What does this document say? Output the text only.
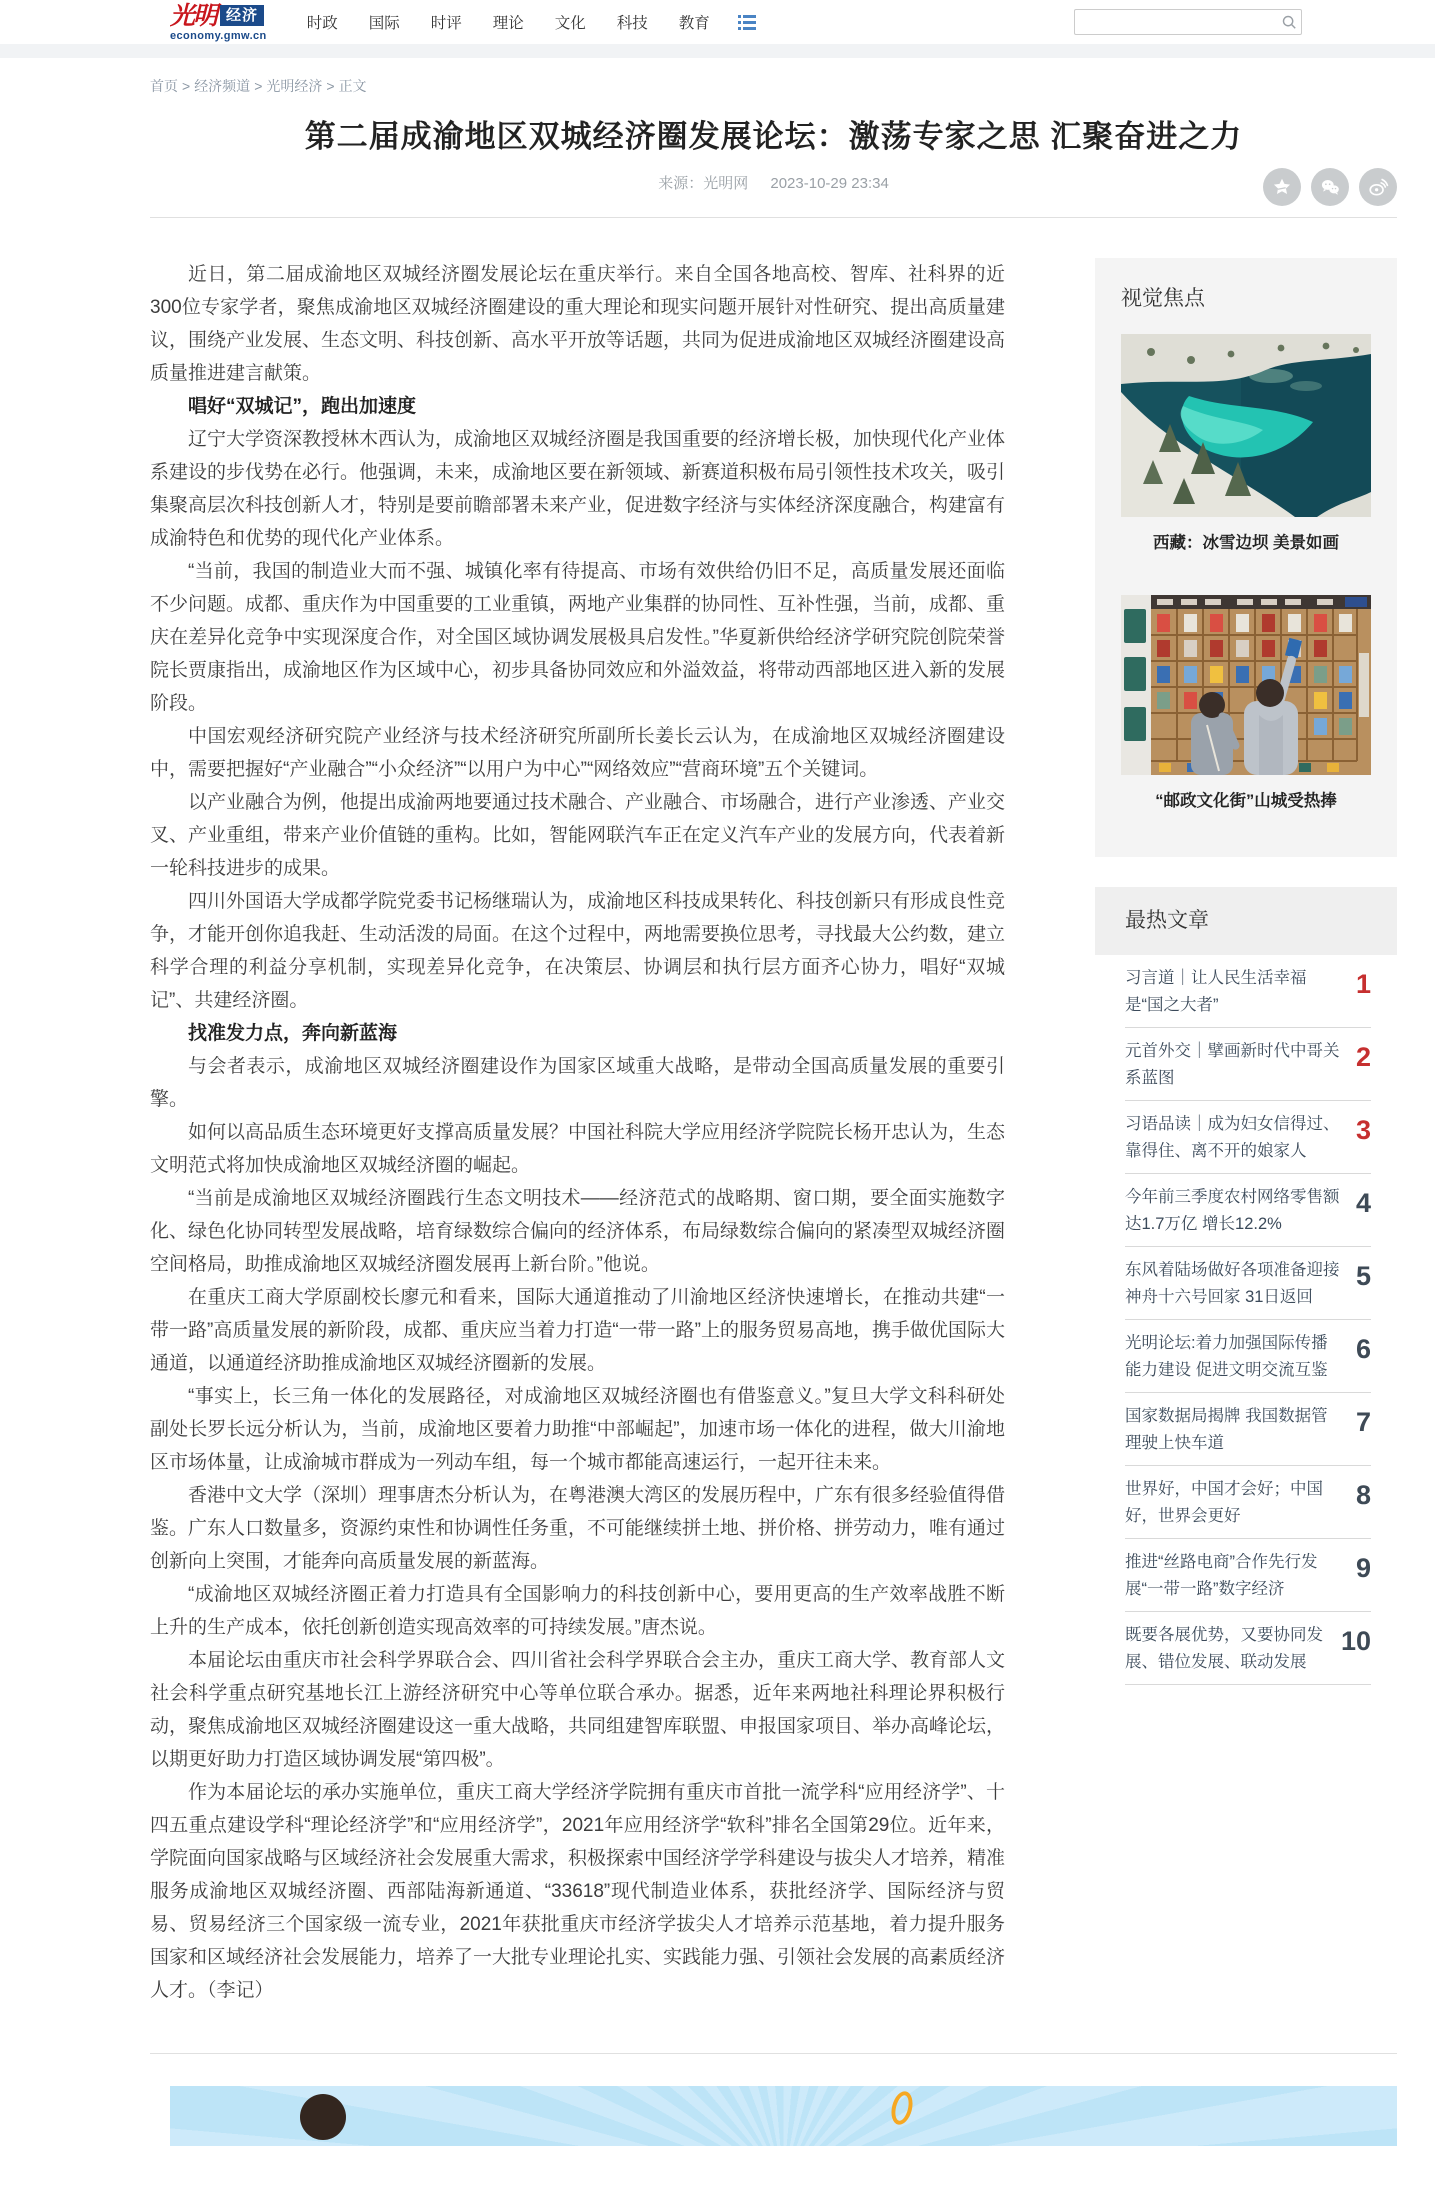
光明 经济
economy.gmw.cn
时政 国际 时评 理论 文化 科技 教育
首页 > 经济频道 > 光明经济 > 正文
第二届成渝地区双城经济圈发展论坛：激荡专家之思 汇聚奋进之力
来源：光明网 2023-10-29 23:34

近日，第二届成渝地区双城经济圈发展论坛在重庆举行。来自全国各地高校、智库、社科界的近300位专家学者，聚焦成渝地区双城经济圈建设的重大理论和现实问题开展针对性研究、提出高质量建议，围绕产业发展、生态文明、科技创新、高水平开放等话题，共同为促进成渝地区双城经济圈建设高质量推进建言献策。

唱好“双城记”，跑出加速度

辽宁大学资深教授林木西认为，成渝地区双城经济圈是我国重要的经济增长极，加快现代化产业体系建设的步伐势在必行。他强调，未来，成渝地区要在新领域、新赛道积极布局引领性技术攻关，吸引集聚高层次科技创新人才，特别是要前瞻部署未来产业，促进数字经济与实体经济深度融合，构建富有成渝特色和优势的现代化产业体系。

“当前，我国的制造业大而不强、城镇化率有待提高、市场有效供给仍旧不足，高质量发展还面临不少问题。成都、重庆作为中国重要的工业重镇，两地产业集群的协同性、互补性强，当前，成都、重庆在差异化竞争中实现深度合作，对全国区域协调发展极具启发性。”华夏新供给经济学研究院创院荣誉院长贾康指出，成渝地区作为区域中心，初步具备协同效应和外溢效益，将带动西部地区进入新的发展阶段。

中国宏观经济研究院产业经济与技术经济研究所副所长姜长云认为，在成渝地区双城经济圈建设中，需要把握好“产业融合”“小众经济”“以用户为中心”“网络效应”“营商环境”五个关键词。

以产业融合为例，他提出成渝两地要通过技术融合、产业融合、市场融合，进行产业渗透、产业交叉、产业重组，带来产业价值链的重构。比如，智能网联汽车正在定义汽车产业的发展方向，代表着新一轮科技进步的成果。

四川外国语大学成都学院党委书记杨继瑞认为，成渝地区科技成果转化、科技创新只有形成良性竞争，才能开创你追我赶、生动活泼的局面。在这个过程中，两地需要换位思考，寻找最大公约数，建立科学合理的利益分享机制，实现差异化竞争，在决策层、协调层和执行层方面齐心协力，唱好“双城记”、共建经济圈。

找准发力点，奔向新蓝海

与会者表示，成渝地区双城经济圈建设作为国家区域重大战略，是带动全国高质量发展的重要引擎。

如何以高品质生态环境更好支撑高质量发展？中国社科院大学应用经济学院院长杨开忠认为，生态文明范式将加快成渝地区双城经济圈的崛起。

“当前是成渝地区双城经济圈践行生态文明技术——经济范式的战略期、窗口期，要全面实施数字化、绿色化协同转型发展战略，培育绿数综合偏向的经济体系，布局绿数综合偏向的紧凑型双城经济圈空间格局，助推成渝地区双城经济圈发展再上新台阶。”他说。

在重庆工商大学原副校长廖元和看来，国际大通道推动了川渝地区经济快速增长，在推动共建“一带一路”高质量发展的新阶段，成都、重庆应当着力打造“一带一路”上的服务贸易高地，携手做优国际大通道，以通道经济助推成渝地区双城经济圈新的发展。

“事实上，长三角一体化的发展路径，对成渝地区双城经济圈也有借鉴意义。”复旦大学文科科研处副处长罗长远分析认为，当前，成渝地区要着力助推“中部崛起”，加速市场一体化的进程，做大川渝地区市场体量，让成渝城市群成为一列动车组，每一个城市都能高速运行，一起开往未来。

香港中文大学（深圳）理事唐杰分析认为，在粤港澳大湾区的发展历程中，广东有很多经验值得借鉴。广东人口数量多，资源约束性和协调性任务重，不可能继续拼土地、拼价格、拼劳动力，唯有通过创新向上突围，才能奔向高质量发展的新蓝海。

“成渝地区双城经济圈正着力打造具有全国影响力的科技创新中心，要用更高的生产效率战胜不断上升的生产成本，依托创新创造实现高效率的可持续发展。”唐杰说。

本届论坛由重庆市社会科学界联合会、四川省社会科学界联合会主办，重庆工商大学、教育部人文社会科学重点研究基地长江上游经济研究中心等单位联合承办。据悉，近年来两地社科理论界积极行动，聚焦成渝地区双城经济圈建设这一重大战略，共同组建智库联盟、申报国家项目、举办高峰论坛，以期更好助力打造区域协调发展“第四极”。

作为本届论坛的承办实施单位，重庆工商大学经济学院拥有重庆市首批一流学科“应用经济学”、十四五重点建设学科“理论经济学”和“应用经济学”，2021年应用经济学“软科”排名全国第29位。近年来，学院面向国家战略与区域经济社会发展重大需求，积极探索中国经济学学科建设与拔尖人才培养，精准服务成渝地区双城经济圈、西部陆海新通道、“33618”现代制造业体系，获批经济学、国际经济与贸易、贸易经济三个国家级一流专业，2021年获批重庆市经济学拔尖人才培养示范基地，着力提升服务国家和区域经济社会发展能力，培养了一大批专业理论扎实、实践能力强、引领社会发展的高素质经济人才。（李记）

视觉焦点

西藏：冰雪边坝 美景如画

“邮政文化街”山城受热捧

最热文章
习言道｜让人民生活幸福是“国之大者”
1
元首外交｜擘画新时代中哥关系蓝图
2
习语品读｜成为妇女信得过、靠得住、离不开的娘家人
3
今年前三季度农村网络零售额达1.7万亿 增长12.2%
4
东风着陆场做好各项准备迎接神舟十六号回家 31日返回
5
光明论坛:着力加强国际传播能力建设 促进文明交流互鉴
6
国家数据局揭牌 我国数据管理驶上快车道
7
世界好，中国才会好；中国好，世界会更好
8
推进“丝路电商”合作先行发展“一带一路”数字经济
9
既要各展优势，又要协同发展、错位发展、联动发展
10
